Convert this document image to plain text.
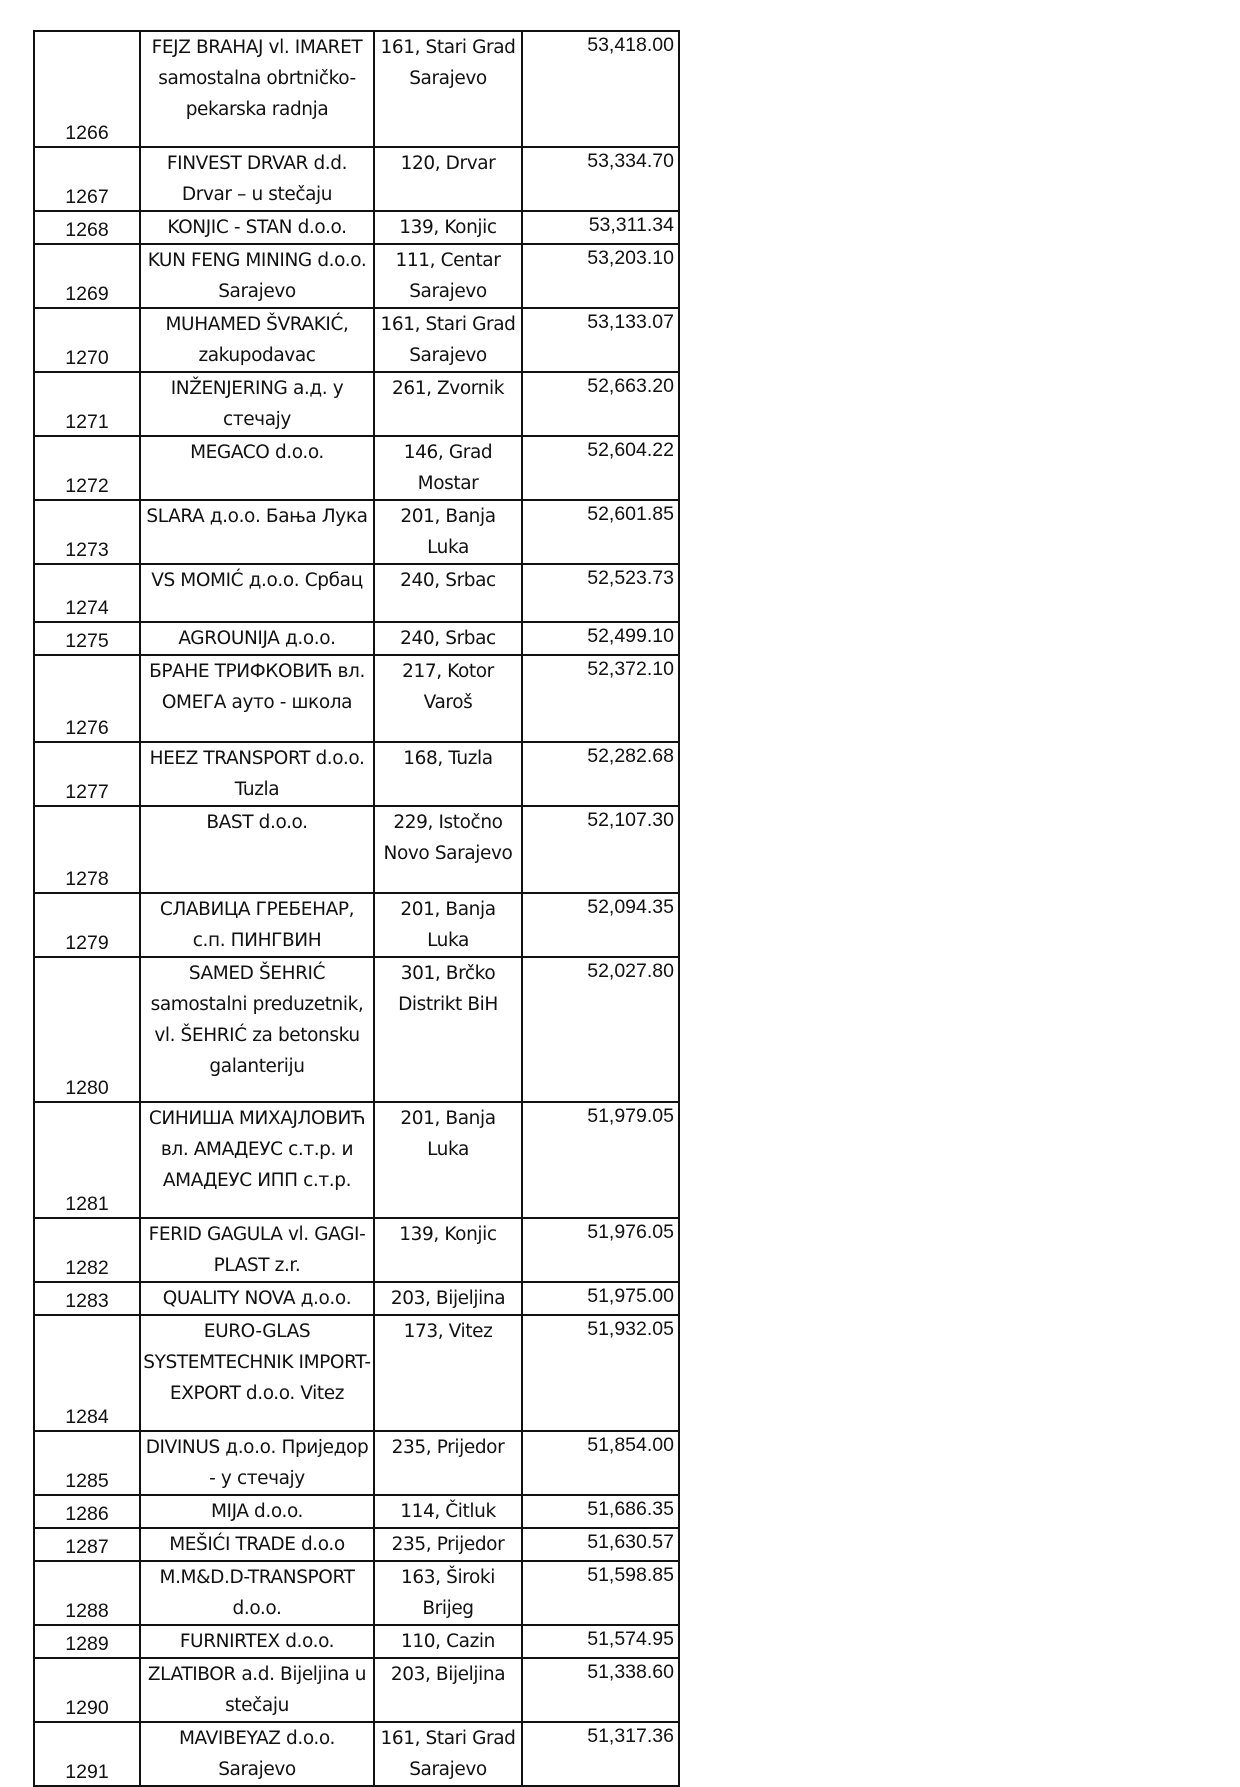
1266	FEJZ BRAHAJ vl. IMARET samostalna obrtničko-pekarska radnja	161, Stari Grad Sarajevo	53,418.00
1267	FINVEST DRVAR d.d. Drvar – u stečaju	120, Drvar	53,334.70
1268	KONJIC - STAN d.o.o.	139, Konjic	53,311.34
1269	KUN FENG MINING d.o.o. Sarajevo	111, Centar Sarajevo	53,203.10
1270	MUHAMED ŠVRAKIĆ, zakupodavac	161, Stari Grad Sarajevo	53,133.07
1271	INŽENJERING a.д. у стечају	261, Zvornik	52,663.20
1272	MEGACO d.o.o.	146, Grad Mostar	52,604.22
1273	SLARA д.о.о. Бања Лука	201, Banja Luka	52,601.85
1274	VS MOMIĆ д.о.о. Србац	240, Srbac	52,523.73
1275	AGROUNIJA д.о.о.	240, Srbac	52,499.10
1276	БРАНЕ ТРИФКОВИЋ вл. ОМЕГА ауто - школа	217, Kotor Varoš	52,372.10
1277	HEEZ TRANSPORT d.o.o. Tuzla	168, Tuzla	52,282.68
1278	BAST d.o.o.	229, Istočno Novo Sarajevo	52,107.30
1279	СЛАВИЦА ГРЕБЕНАР, с.п. ПИНГВИН	201, Banja Luka	52,094.35
1280	SAMED ŠEHRIĆ samostalni preduzetnik, vl. ŠEHRIĆ za betonsku galanteriju	301, Brčko Distrikt BiH	52,027.80
1281	СИНИША МИХАЈЛОВИЋ вл. АМАДЕУС с.т.р. и АМАДЕУС ИПП с.т.р.	201, Banja Luka	51,979.05
1282	FERID GAGULA vl. GAGI-PLAST z.r.	139, Konjic	51,976.05
1283	QUALITY NOVA д.о.о.	203, Bijeljina	51,975.00
1284	EURO-GLAS SYSTEMTECHNIK IMPORT-EXPORT d.o.o. Vitez	173, Vitez	51,932.05
1285	DIVINUS д.о.о. Приједор - у стечају	235, Prijedor	51,854.00
1286	MIJA d.o.o.	114, Čitluk	51,686.35
1287	MEŠIĆI TRADE d.o.o	235, Prijedor	51,630.57
1288	M.M&D.D-TRANSPORT d.o.o.	163, Široki Brijeg	51,598.85
1289	FURNIRTEX d.o.o.	110, Cazin	51,574.95
1290	ZLATIBOR a.d. Bijeljina u stečaju	203, Bijeljina	51,338.60
1291	MAVIBEYAZ d.o.o. Sarajevo	161, Stari Grad Sarajevo	51,317.36
